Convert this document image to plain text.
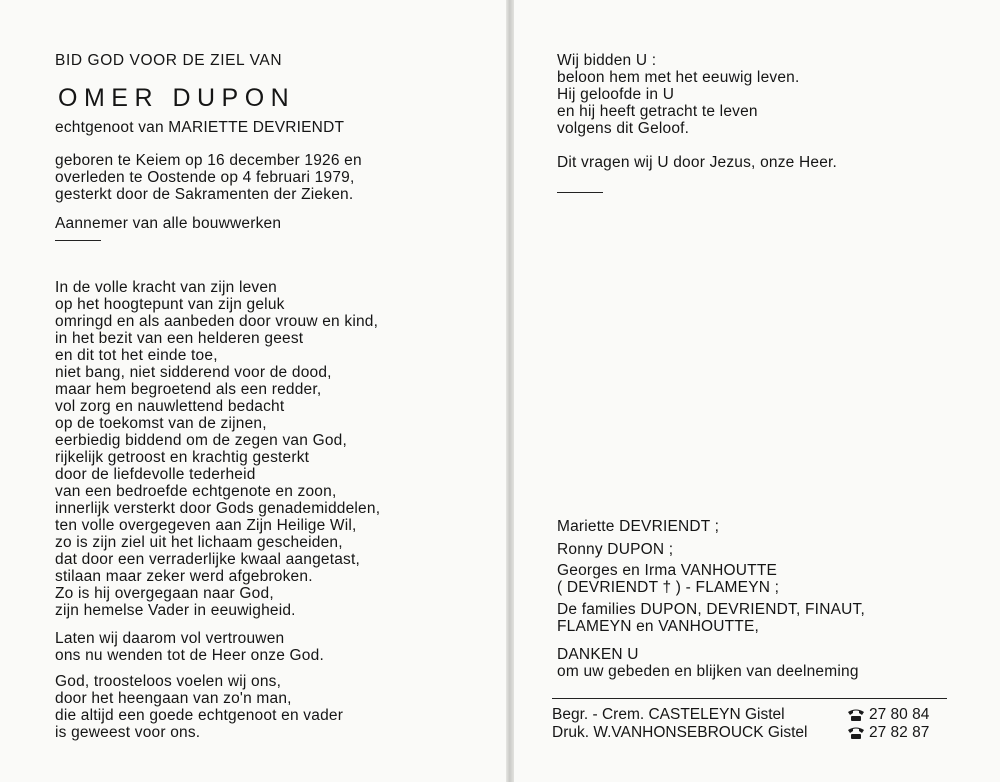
BID GOD VOOR DE ZIEL VAN
OMER DUPON
echtgenoot van MARIETTE DEVRIENDT
geboren te Keiem op 16 december 1926 en
overleden te Oostende op 4 februari 1979,
gesterkt door de Sakramenten der Zieken.
Aannemer van alle bouwwerken
In de volle kracht van zijn leven
op het hoogtepunt van zijn geluk
omringd en als aanbeden door vrouw en kind,
in het bezit van een helderen geest
en dit tot het einde toe,
niet bang, niet sidderend voor de dood,
maar hem begroetend als een redder,
vol zorg en nauwlettend bedacht
op de toekomst van de zijnen,
eerbiedig biddend om de zegen van God,
rijkelijk getroost en krachtig gesterkt
door de liefdevolle tederheid
van een bedroefde echtgenote en zoon,
innerlijk versterkt door Gods genademiddelen,
ten volle overgegeven aan Zijn Heilige Wil,
zo is zijn ziel uit het lichaam gescheiden,
dat door een verraderlijke kwaal aangetast,
stilaan maar zeker werd afgebroken.
Zo is hij overgegaan naar God,
zijn hemelse Vader in eeuwigheid.
Laten wij daarom vol vertrouwen
ons nu wenden tot de Heer onze God.
God, troosteloos voelen wij ons,
door het heengaan van zo'n man,
die altijd een goede echtgenoot en vader
is geweest voor ons.
Wij bidden U :
beloon hem met het eeuwig leven.
Hij geloofde in U
en hij heeft getracht te leven
volgens dit Geloof.
Dit vragen wij U door Jezus, onze Heer.
Mariette DEVRIENDT ;
Ronny DUPON ;
Georges en Irma VANHOUTTE
( DEVRIENDT † ) - FLAMEYN ;
De families DUPON, DEVRIENDT, FINAUT,
FLAMEYN en VANHOUTTE,
DANKEN U
om uw gebeden en blijken van deelneming
Begr. - Crem. CASTELEYN Gistel	27 80 84
Druk. W.VANHONSEBROUCK Gistel	27 82 87
